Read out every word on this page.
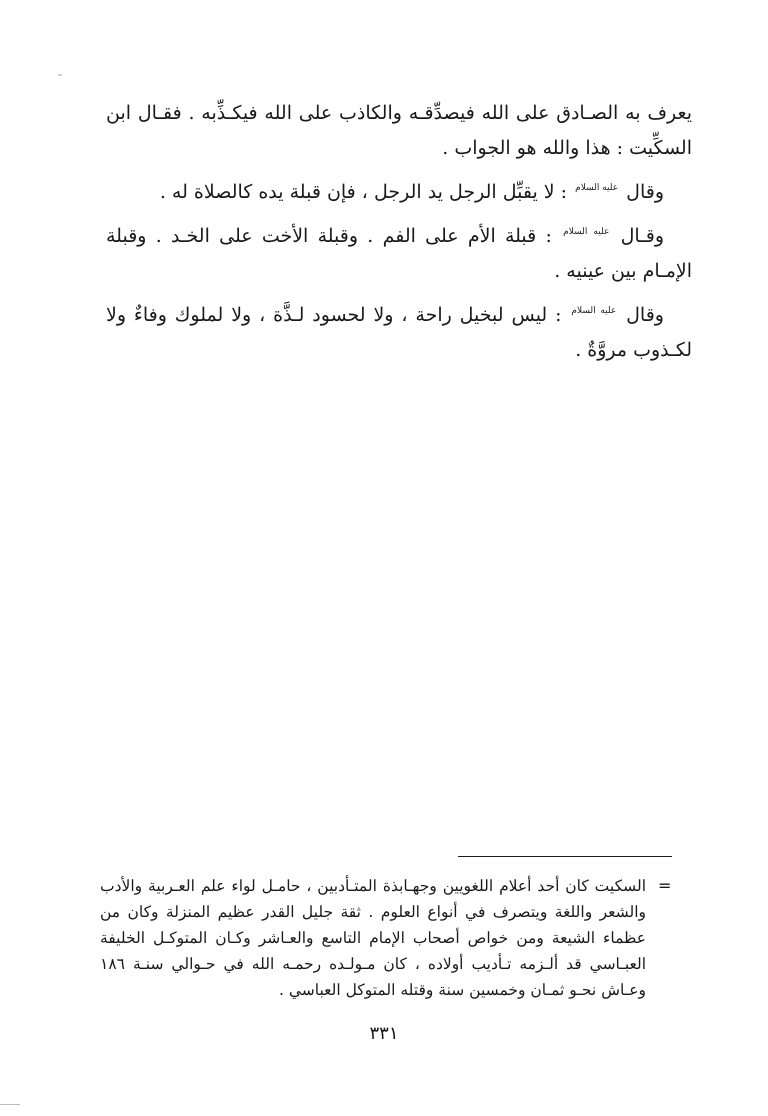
يعرف به الصـادق على الله فيصدِّقـه والكاذب على الله فيكـذِّبه . فقـال ابن السكِّيت : هذا والله هو الجواب .

وقال $^{عليه السلام}$ : لا يقبِّل الرجل يد الرجل ، فإن قبلة يده كالصلاة له .

وقـال $^{عليه السلام}$ : قبلة الأم على الفم . وقبلة الأخت على الخـد . وقبلة الإمـام بين عينيه .

وقال $^{عليه السلام}$ : ليس لبخيل راحة ، ولا لحسود لـذَّة ، ولا لملوك وفاءٌ ولا لكـذوب مروَّةٌ .

=
السكيت كان أحد أعلام اللغويين وجهـابذة المتـأدبين ، حامـل لواء علم العـربية والأدب والشعر واللغة ويتصرف في أنواع العلوم . ثقة جليل القدر عظيم المنزلة وكان من عظماء الشيعة ومن خواص أصحاب الإمام التاسع والعـاشر وكـان المتوكـل الخليفة العبـاسي قد ألـزمه تـأديب أولاده ، كان مـولـده رحمـه الله في حـوالي سنـة ١٨٦ وعـاش نحـو ثمـان وخمسين سنة وقتله المتوكل العباسي .
٣٣١
